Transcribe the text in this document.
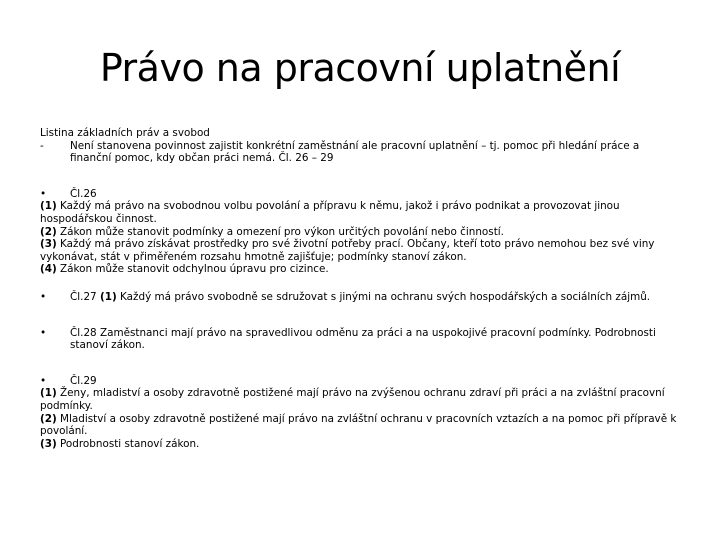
Právo na pracovní uplatnění

Listina základních práv a svobod

-	Není stanovena povinnost zajistit konkrétní zaměstnání ale pracovní uplatnění – tj. pomoc při hledání práce a finanční pomoc, kdy občan práci nemá. Čl. 26 – 29

• Čl.26

(1) Každý má právo na svobodnou volbu povolání a přípravu k němu, jakož i právo podnikat a provozovat jinou hospodářskou činnost.

(2) Zákon může stanovit podmínky a omezení pro výkon určitých povolání nebo činností.

(3) Každý má právo získávat prostředky pro své životní potřeby prací. Občany, kteří toto právo nemohou bez své viny vykonávat, stát v přiměřeném rozsahu hmotně zajišťuje; podmínky stanoví zákon.

(4) Zákon může stanovit odchylnou úpravu pro cizince.

•	Čl.27 (1) Každý má právo svobodně se sdružovat s jinými na ochranu svých hospodářských a sociálních zájmů.
•	Čl.28 Zaměstnanci mají právo na spravedlivou odměnu za práci a na uspokojivé pracovní podmínky. Podrobnosti stanoví zákon.

• Čl.29

(1) Ženy, mladiství a osoby zdravotně postižené mají právo na zvýšenou ochranu zdraví při práci a na zvláštní pracovní podmínky.

(2) Mladiství a osoby zdravotně postižené mají právo na zvláštní ochranu v pracovních vztazích a na pomoc při přípravě k povolání.

(3) Podrobnosti stanoví zákon.
